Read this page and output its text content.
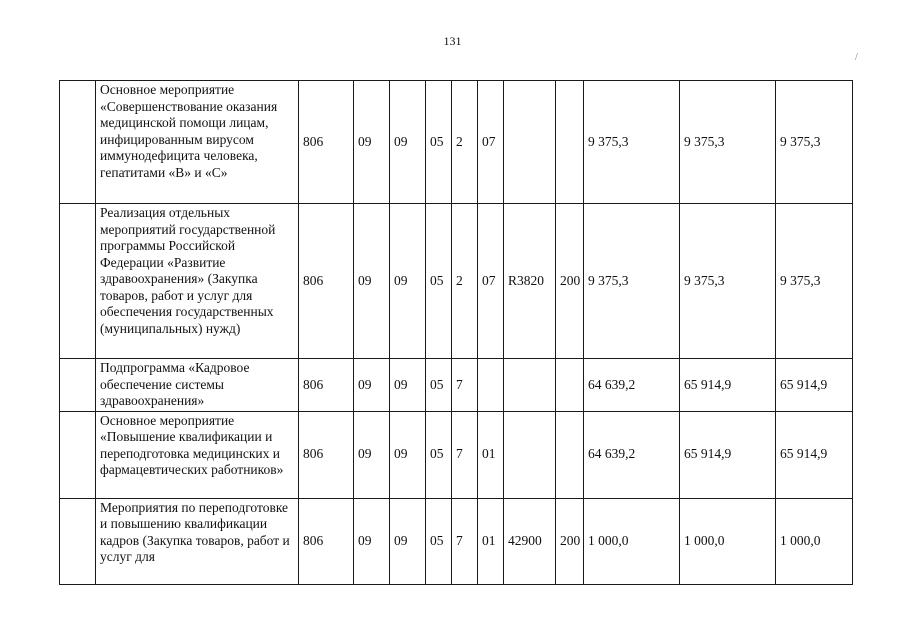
131
/
	Основное мероприятие «Совершенствование оказания медицинской помощи лицам, инфицированным вирусом иммунодефицита человека, гепатитами «В» и «С»	806	09	09	05	2	07			9 375,3	9 375,3	9 375,3
	Реализация отдельных мероприятий государственной программы Российской Федерации «Развитие здравоохранения» (Закупка товаров, работ и услуг для обеспечения государственных (муниципальных) нужд)	806	09	09	05	2	07	R3820	200	9 375,3	9 375,3	9 375,3
	Подпрограмма «Кадровое обеспечение системы здравоохранения»	806	09	09	05	7				64 639,2	65 914,9	65 914,9
	Основное мероприятие «Повышение квалификации и переподготовка медицинских и фармацевтических работников»	806	09	09	05	7	01			64 639,2	65 914,9	65 914,9
	Мероприятия по переподготовке и повышению квалификации кадров (Закупка товаров, работ и услуг для	806	09	09	05	7	01	42900	200	1 000,0	1 000,0	1 000,0
